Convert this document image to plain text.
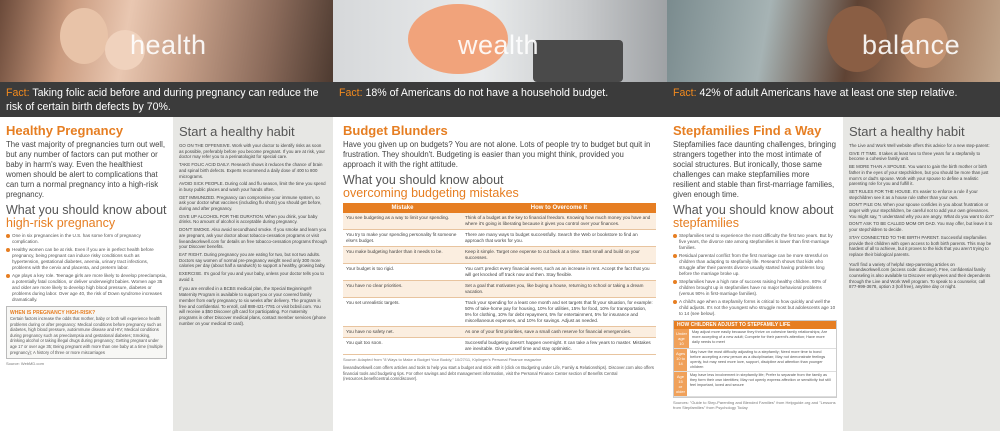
health
Fact: Taking folic acid before and during pregnancy can reduce the risk of certain birth defects by 70%.
Healthy Pregnancy

The vast majority of pregnancies turn out well, but any number of factors can put mother or baby in harm's way. Even the healthiest women should be alert to complications that can turn a normal pregnancy into a high-risk pregnancy.

What you should know about high-risk pregnancy
One in six pregnancies in the U.S. has some form of pregnancy complication.
Healthy women can be at risk. Even if you are in perfect health before pregnancy, being pregnant can induce risky conditions such as hypertension, gestational diabetes, anemia, urinary tract infections, problems with the cervix and placenta, and preterm labor.
Age plays a key role. Teenage girls are more likely to develop preeclampsia, a potentially fatal condition, or deliver underweight babies. Women age 35 and older are more likely to develop high blood pressure, diabetes or problems during labor. Over age 40, the risk of Down syndrome increases dramatically.
WHEN IS PREGNANCY HIGH-RISK?

Certain factors increase the odds that mother, baby or both will experience health problems during or after pregnancy: Medical conditions before pregnancy such as diabetes, high blood pressure, autoimmune disease and HIV; Medical conditions during pregnancy such as preeclampsia and gestational diabetes; Smoking, drinking alcohol or taking illegal drugs during pregnancy; Getting pregnant under age 17 or over age 35; Being pregnant with more than one baby at a time (multiple pregnancy); A history of three or more miscarriages

Source: WebMD.com
Start a healthy habit
GO ON THE OFFENSIVE. Work with your doctor to identify risks as soon as possible, preferably before you become pregnant. If you are at risk, your doctor may refer you to a perinatologist for special care.
TAKE FOLIC ACID DAILY. Research shows it reduces the chance of brain and spinal birth defects. Experts recommend a daily dose of 400 to 800 micrograms.
AVOID SICK PEOPLE. During cold and flu season, limit the time you spend in busy public places and wash your hands often.
GET IMMUNIZED. Pregnancy can compromise your immune system, so ask your doctor what vaccines (including flu shots) you should get before, during and after pregnancy.
GIVE UP ALCOHOL FOR THE DURATION. When you drink, your baby drinks. No amount of alcohol is acceptable during pregnancy.
DON'T SMOKE. Also avoid secondhand smoke. If you smoke and learn you are pregnant, ask your doctor about tobacco-cessation programs or visit liveandworkwell.com for details on free tobacco-cessation programs through your Discover benefits.
EAT RIGHT. During pregnancy you are eating for two, but not two adults. Doctors say women of normal pre-pregnancy weight need only 300 more calories per day (about half a sandwich) to support a healthy, growing baby.
EXERCISE. It's good for you and your baby, unless your doctor tells you to avoid it.
If you are enrolled in a BCBS medical plan, the Special Beginnings® Maternity Program is available to support you or your covered family member from early pregnancy to six weeks after delivery. The program is free and confidential. To enroll, call 888-421-7781 or visit bcbsil.com. You will receive a $50 Discover gift card for participating. For maternity programs in other Discover medical plans, contact member services (phone number on your medical ID card).
wealth
Fact: 18% of Americans do not have a household budget.
Budget Blunders

Have you given up on budgets? You are not alone. Lots of people try to budget but quit in frustration. They shouldn't. Budgeting is easier than you might think, provided you approach it with the right attitude.

What you should know about
overcoming budgeting mistakes
Mistake	How to Overcome It
You see budgeting as a way to limit your spending.	Think of a budget as the key to financial freedom. Knowing how much money you have and where it's going is liberating because it gives you control over your finances.
You try to make your spending personality fit someone else's budget.	There are many ways to budget successfully. Search the Web or bookstore to find an approach that works for you.
You make budgeting harder than it needs to be.	Keep it simple. Target one expense to cut back at a time. Start small and build on your successes.
Your budget is too rigid.	You can't predict every financial event, such as an increase in rent. Accept the fact that you will get knocked off track now and then. Stay flexible.
You have no clear priorities.	Set a goal that motivates you, like buying a house, returning to school or taking a dream vacation.
You set unrealistic targets.	Track your spending for a least one month and set targets that fit your situation, for example: 50% of take-home pay for housing, 10% for utilities, 15% for food, 10% for transportation, 5% for clothing, 10% for debt repayment, 5% for entertainment, 5% for insurance and miscellaneous expenses, and 10% for savings. Adjust as needed.
You have no safety net.	As one of your first priorities, save a small cash reserve for financial emergencies.
You quit too soon.	Successful budgeting doesn't happen overnight. It can take a few years to master. Mistakes are inevitable. Give yourself time and stay optimistic.
Source: Adapted from "8 Ways to Make a Budget Your Buddy," 10/27/11, Kiplinger's Personal Finance magazine
liveandworkwell.com offers articles and tools to help you start a budget and stick with it (click on Budgeting under Life, Family & Relationships). Discover.com also offers financial tools and budgeting tips. For other savings and debt management information, visit the Personal Finance Center section of Benefits Central (resources.benefitcentral.com/discover).
balance
Fact: 42% of adult Americans have at least one step relative.
Stepfamilies Find a Way

Stepfamilies face daunting challenges, bringing strangers together into the most intimate of social structures. But ironically, those same challenges can make stepfamilies more resilient and stable than first-marriage families, given enough time.

What you should know about stepfamilies
Stepfamilies tend to experience the most difficulty the first two years. But by five years, the divorce rate among stepfamilies is lower than first-marriage families.
Residual parental conflict from the first marriage can be more stressful on children than adapting to stepfamily life. Research shows that kids who struggle after their parents divorce usually started having problems long before the marriage broke up.
Stepfamilies have a high rate of success raising healthy children. 80% of children brought up in stepfamilies have no major behavioral problems (versus 90% in first-marriage families).
A child's age when a stepfamily forms is critical to how quickly and well the child adjusts. It's not the youngest who struggle most but adolescents age 10 to 14 (see below).
HOW CHILDREN ADJUST TO STEPFAMILY LIFE
Under age 10
May adjust more easily because they thrive on cohesive family relationships; Are more accepting of a new adult; Compete for their parent's attention; Have more daily needs to meet
Ages 10 to 14
May have the most difficulty adjusting to a stepfamily; Need more time to bond before accepting a new person as a disciplinarian; May not demonstrate feelings openly, but may need more love, support, discipline and attention than younger children
Age 15 or older
May have less involvement in stepfamily life; Prefer to separate from the family as they form their own identities; May not openly express affection or sensitivity but still feel important, loved and secure
Sources: "Guide to Step-Parenting and Blended Families" from Helpguide.org and "Lessons from Stepfamilies" from Psychology Today
Start a healthy habit
The Live and Work Well website offers this advice for a new step-parent:
GIVE IT TIME. It takes at least two to three years for a stepfamily to become a cohesive family unit.
BE MORE THAN A SPOUSE. You want to gain the birth mother or birth father in the eyes of your stepchildren, but you should be more than just mom's or dad's spouse. Work with your spouse to define a realistic parenting role for you and fulfill it.
SET RULES FOR THE HOUSE. It's easier to enforce a rule if your stepchildren see it as a house rule rather than your own.
DON'T PILE ON. When your spouse confides in you about frustration or anger with your stepchildren, be careful not to add your own grievances. You might say, "I understand why you are angry. What do you want to do?"
DON'T ASK TO BE CALLED MOM OR DAD. You may offer, but leave it to your stepchildren to decide.
STAY CONNECTED TO THE BIRTH PARENT. Successful stepfamilies provide their children with open access to both birth parents. This may be hardest of all to achieve, but it proves to the kids that you aren't trying to replace their biological parents.
You'll find a variety of helpful step-parenting articles on liveandworkwell.com (access code: discover). Free, confidential family counseling is also available to Discover employees and their dependents through the Live and Work Well program. To speak to a counselor, call 877-999-3678, option 3 (toll free), anytime day or night.
